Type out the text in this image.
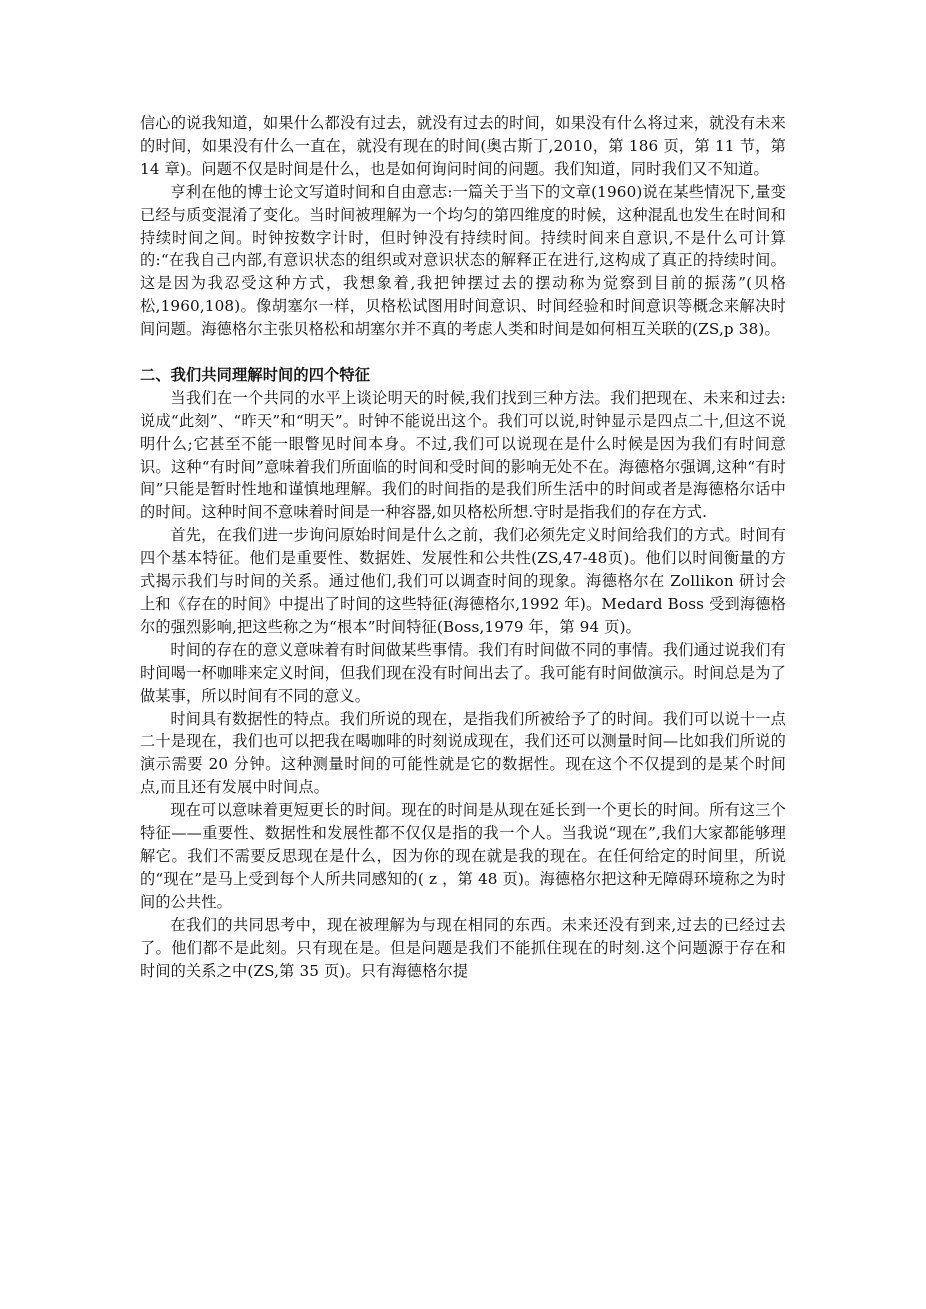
信心的说我知道，如果什么都没有过去，就没有过去的时间，如果没有什么将过来，就没有未来的时间，如果没有什么一直在，就没有现在的时间(奥古斯丁,2010，第 186 页，第 11 节，第 14 章)。问题不仅是时间是什么，也是如何询问时间的问题。我们知道，同时我们又不知道。

亨利在他的博士论文写道时间和自由意志:一篇关于当下的文章(1960)说在某些情况下,量变已经与质变混淆了变化。当时间被理解为一个均匀的第四维度的时候，这种混乱也发生在时间和持续时间之间。时钟按数字计时，但时钟没有持续时间。持续时间来自意识,不是什么可计算的:“在我自己内部,有意识状态的组织或对意识状态的解释正在进行,这构成了真正的持续时间。这是因为我忍受这种方式，我想象着,我把钟摆过去的摆动称为觉察到目前的振荡”(贝格松,1960,108)。像胡塞尔一样，贝格松试图用时间意识、时间经验和时间意识等概念来解决时间问题。海德格尔主张贝格松和胡塞尔并不真的考虑人类和时间是如何相互关联的(ZS,p 38)。

二、我们共同理解时间的四个特征

当我们在一个共同的水平上谈论明天的时候,我们找到三种方法。我们把现在、未来和过去:说成“此刻”、“昨天”和“明天”。时钟不能说出这个。我们可以说,时钟显示是四点二十,但这不说明什么;它甚至不能一眼瞥见时间本身。不过,我们可以说现在是什么时候是因为我们有时间意识。这种“有时间”意味着我们所面临的时间和受时间的影响无处不在。海德格尔强调,这种“有时间”只能是暂时性地和谨慎地理解。我们的时间指的是我们所生活中的时间或者是海德格尔话中的时间。这种时间不意味着时间是一种容器,如贝格松所想.守时是指我们的存在方式.

首先，在我们进一步询问原始时间是什么之前，我们必须先定义时间给我们的方式。时间有四个基本特征。他们是重要性、数据姓、发展性和公共性(ZS,47-48页)。他们以时间衡量的方式揭示我们与时间的关系。通过他们,我们可以调查时间的现象。海德格尔在 Zollikon 研讨会上和《存在的时间》中提出了时间的这些特征(海德格尔,1992 年)。Medard Boss 受到海德格尔的强烈影响,把这些称之为“根本”时间特征(Boss,1979 年，第 94 页)。

时间的存在的意义意味着有时间做某些事情。我们有时间做不同的事情。我们通过说我们有时间喝一杯咖啡来定义时间，但我们现在没有时间出去了。我可能有时间做演示。时间总是为了做某事，所以时间有不同的意义。

时间具有数据性的特点。我们所说的现在，是指我们所被给予了的时间。我们可以说十一点二十是现在，我们也可以把我在喝咖啡的时刻说成现在，我们还可以测量时间—比如我们所说的演示需要 20 分钟。这种测量时间的可能性就是它的数据性。现在这个不仅提到的是某个时间点,而且还有发展中时间点。

现在可以意味着更短更长的时间。现在的时间是从现在延长到一个更长的时间。所有这三个特征——重要性、数据性和发展性都不仅仅是指的我一个人。当我说“现在”,我们大家都能够理解它。我们不需要反思现在是什么，因为你的现在就是我的现在。在任何给定的时间里，所说的“现在”是马上受到每个人所共同感知的( z ，第 48 页)。海德格尔把这种无障碍环境称之为时间的公共性。

在我们的共同思考中，现在被理解为与现在相同的东西。未来还没有到来,过去的已经过去了。他们都不是此刻。只有现在是。但是问题是我们不能抓住现在的时刻.这个问题源于存在和时间的关系之中(ZS,第 35 页)。只有海德格尔提
